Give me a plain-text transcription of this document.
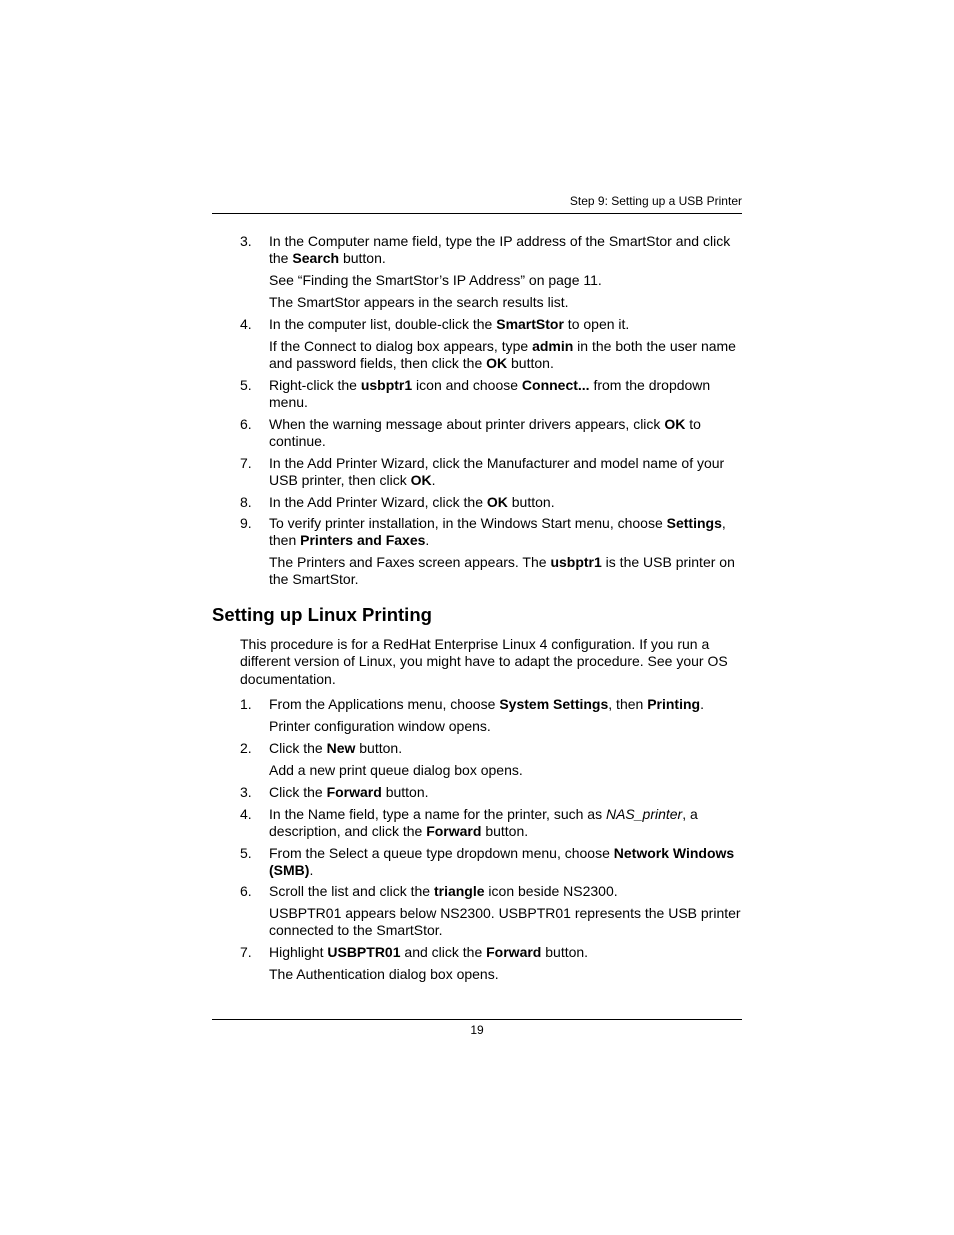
Step 9: Setting up a USB Printer
3. In the Computer name field, type the IP address of the SmartStor and click the Search button.
See “Finding the SmartStor’s IP Address” on page 11.
The SmartStor appears in the search results list.
4. In the computer list, double-click the SmartStor to open it.
If the Connect to dialog box appears, type admin in the both the user name and password fields, then click the OK button.
5. Right-click the usbptr1 icon and choose Connect... from the dropdown menu.
6. When the warning message about printer drivers appears, click OK to continue.
7. In the Add Printer Wizard, click the Manufacturer and model name of your USB printer, then click OK.
8. In the Add Printer Wizard, click the OK button.
9. To verify printer installation, in the Windows Start menu, choose Settings, then Printers and Faxes.
The Printers and Faxes screen appears. The usbptr1 is the USB printer on the SmartStor.
Setting up Linux Printing
This procedure is for a RedHat Enterprise Linux 4 configuration. If you run a different version of Linux, you might have to adapt the procedure. See your OS documentation.
1. From the Applications menu, choose System Settings, then Printing.
Printer configuration window opens.
2. Click the New button.
Add a new print queue dialog box opens.
3. Click the Forward button.
4. In the Name field, type a name for the printer, such as NAS_printer, a description, and click the Forward button.
5. From the Select a queue type dropdown menu, choose Network Windows (SMB).
6. Scroll the list and click the triangle icon beside NS2300.
USBPTR01 appears below NS2300. USBPTR01 represents the USB printer connected to the SmartStor.
7. Highlight USBPTR01 and click the Forward button.
The Authentication dialog box opens.
19
